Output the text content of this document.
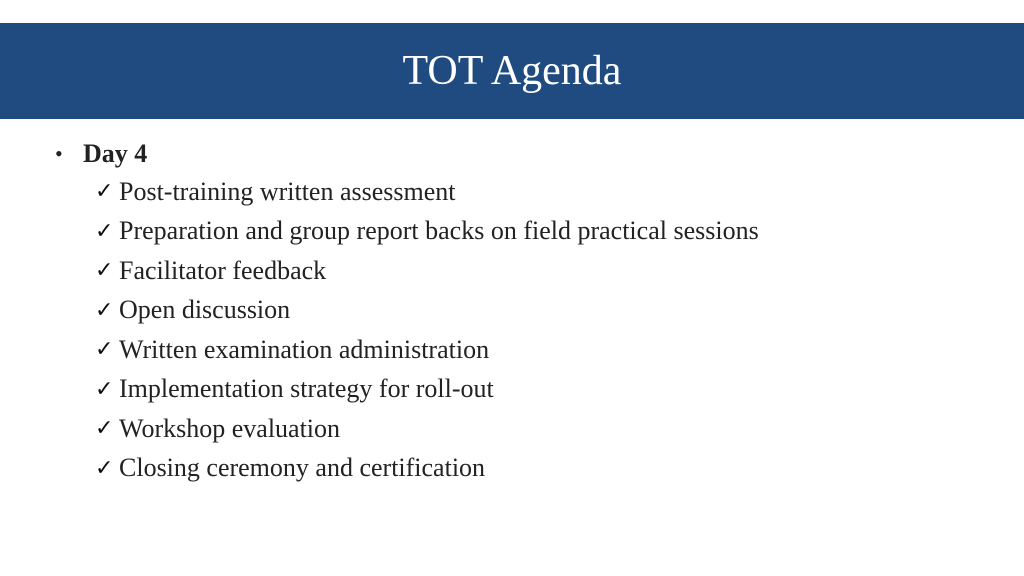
TOT Agenda
• Day 4
✓ Post-training written assessment
✓ Preparation and group report backs on field practical sessions
✓ Facilitator feedback
✓ Open discussion
✓ Written examination administration
✓ Implementation strategy for roll-out
✓ Workshop evaluation
✓ Closing ceremony and certification
